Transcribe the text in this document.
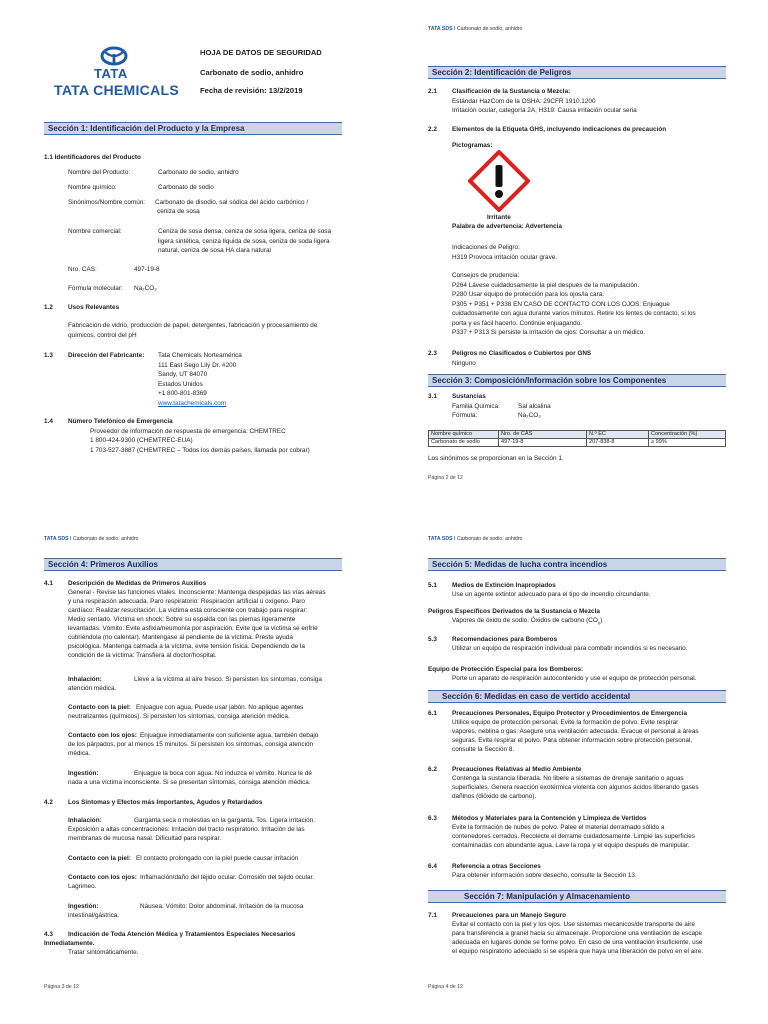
TATA
TATA CHEMICALS
HOJA DE DATOS DE SEGURIDAD
Carbonato de sodio, anhidro
Fecha de revisión: 13/2/2019
Sección 1: Identificación del Producto y la Empresa
1.1 Identificadores del Producto
Nombre del Producto:	Carbonato de sodio, anhidro
Nombre químico:	Carbonato de sodio
Sinónimos/Nombre común: Carbonato de disodio, sal sódica del ácido carbónico /
ceniza de sosa
Nombre comercial:	Ceniza de sosa densa, ceniza de sosa ligera, ceniza de sosa
ligera sintética, ceniza líquida de sosa, ceniza de soda ligera
natural, ceniza de sosa HA clara natural
Nro. CAS:	497-19-8
Fórmula molecular: Na₂CO₃
1.2 Usos Relevantes
Fabricación de vidrio, producción de papel, detergentes, fabricación y procesamiento de
químicos, control del pH
1.3 Dirección del Fabricante: Tata Chemicals Norteamérica
111 East Sego Lily Dr. #200
Sandy, UT 84070
Estados Unidos
+1 800-801-8369
www.tatachemicals.com
1.4 Número Telefónico de Emergencia
Proveedor de información de respuesta de emergencia: CHEMTREC
1 800-424-9300 (CHEMTREC-EUA)
1 703-527-3887 (CHEMTREC – Todos los demás países, llamada por cobrar)
TATA SDS I Carbonato de sodio, anhidro
Sección 2: Identificación de Peligros
2.1 Clasificación de la Sustancia o Mezcla:
Estándar HazCom de la OSHA: 29CFR 1910.1200
Irritación ocular, categoría 2A, H319: Causa irritación ocular seria
2.2 Elementos de la Etiqueta GHS, incluyendo indicaciones de precaución
Pictogramas:
Irritante
Palabra de advertencia: Advertencia
Indicaciones de Peligro:
H319 Provoca irritación ocular grave.
Consejos de prudencia:
P264 Lávese cuidadosamente la piel después de la manipulación.
P280 Usar equipo de protección para los ojos/la cara.
P305 + P351 + P338 EN CASO DE CONTACTO CON LOS OJOS: Enjuague
cuidadosamente con agua durante varios minutos. Retire los lentes de contacto, si los
porta y es fácil hacerlo. Continúe enjuagando.
P337 + P313 Si persiste la irritación de ojos: Consultar a un médico.
2.3 Peligros no Clasificados o Cubiertos por GNS
Ninguno
Sección 3: Composición/Información sobre los Componentes
3.1 Sustancias
Familia Química:	Sal alcalina
Fórmula:	Na₂CO₃
Nombre químico	Nro. de CAS	N.º EC	Concentración (%)
Carbonato de sodio	497-19-8	207-838-8	≥ 99%
Los sinónimos se proporcionan en la Sección 1.
Página 2 de 12
TATA SDS I Carbonato de sodio, anhidro
Sección 4: Primeros Auxilios
4.1 Descripción de Medidas de Primeros Auxilios
General - Revise las funciones vitales. Inconsciente: Mantenga despejadas las vías aéreas
y una respiración adecuada. Paro respiratorio: Respiración artificial u oxígeno. Paro
cardíaco: Realizar resucitación. La víctima está consciente con trabajo para respirar:
Medio sentado. Víctima en shock: Sobre su espalda con las piernas ligeramente
levantadas. Vómito: Evite asfixia/neumonía por aspiración. Evite que la víctima se enfríe
cubriéndola (no calentar). Mantengase al pendiente de la víctima. Preste ayuda
psicológica. Mantenga calmada a la víctima, evite tensión física. Dependiendo de la
condición de la víctima: Transfiera al doctor/hospital.
Inhalación:	Lleve a la víctima al aire fresco. Si persisten los síntomas, consiga
atención médica.
Contacto con la piel: Enjuague con agua. Puede usar jabón. No aplique agentes
neutralizantes (químicos). Si persisten los síntomas, consiga atención médica.
Contacto con los ojos: Enjuague inmediatamente con suficiente agua, también debajo
de los párpados, por al menos 15 minutos. Si persisten los síntomas, consiga atención
médica.
Ingestión:	Enjuague la boca con agua. No induzca el vómito. Nunca le dé
nada a una víctima inconsciente. Si se presentan síntomas, consiga atención médica.
4.2 Los Síntomas y Efectos más Importantes, Agudos y Retardados
Inhalación:	Garganta seca o molestias en la garganta. Tos. Ligera irritación.
Exposición a altas concentraciones: Irritación del tracto respiratorio. Irritación de las
membranas de mucosa nasal. Dificultad para respirar.
Contacto con la piel: El contacto prolongado con la piel puede causar irritación
Contacto con los ojos: Inflamación/daño del tejido ocular. Corrosión del tejido ocular.
Lagrimeo.
Ingestión:	Náusea. Vómito: Dolor abdominal. Irritación de la mucosa
intestinal/gástrica.
4.3 Indicación de Toda Atención Médica y Tratamientos Especiales Necesarios
Inmediatamente.
Tratar sintomáticamente.
Página 3 de 12
TATA SDS I Carbonato de sodio, anhidro
Sección 5: Medidas de lucha contra incendios
5.1 Medios de Extinción Inapropiados
Use un agente extintor adecuado para el tipo de incendio circundante.
Peligros Específicos Derivados de la Sustancia o Mezcla
Vapores de óxido de sodio. Óxidos de carbono $(CO_x)$
5.3 Recomendaciones para Bomberos
Utilizar un equipo de respiración individual para combatir incendios si es necesario.
Equipo de Protección Especial para los Bomberos:
Porte un aparato de respiración autocontenido y use el equipo de protección personal.
Sección 6: Medidas en caso de vertido accidental
6.1 Precauciones Personales, Equipo Protector y Procedimientos de Emergencia
Utilice equipo de protección personal. Evite la formación de polvo. Evite respirar
vapores, neblina o gas. Asegure una ventilación adecuada. Evacue el personal a áreas
seguras. Evite respirar el polvo. Para obtener información sobre protección personal,
consulte la Sección 8.
6.2 Precauciones Relativas al Medio Ambiente
Contenga la sustancia liberada. No libere a sistemas de drenaje sanitario o aguas
superficiales. Genera reacción exotérmica violenta con algunos ácidos liberando gases
dañinos (dióxido de carbono).
6.3 Métodos y Materiales para la Contención y Limpieza de Vertidos
Evite la formación de nubes de polvo. Palee el material derramado sólido a
contenedores cerrados. Recolecte el derrame cuidadosamente. Limpie las superficies
contaminadas con abundante agua. Lave la ropa y el equipo después de manipular.
6.4 Referencia a otras Secciones
Para obtener información sobre desecho, consulte la Sección 13.
Sección 7: Manipulación y Almacenamiento
7.1 Precauciones para un Manejo Seguro
Evitar el contacto con la piel y los ojos. Use sistemas mecánicos/de transporte de aire
para transferencia a granel hacia su almacenaje. Proporcione una ventilación de escape
adecuada en lugares donde se forme polvo. En caso de una ventilación insuficiente, use
el equipo respiratorio adecuado si se espera que haya una liberación de polvo en el aire.
Página 4 de 12
